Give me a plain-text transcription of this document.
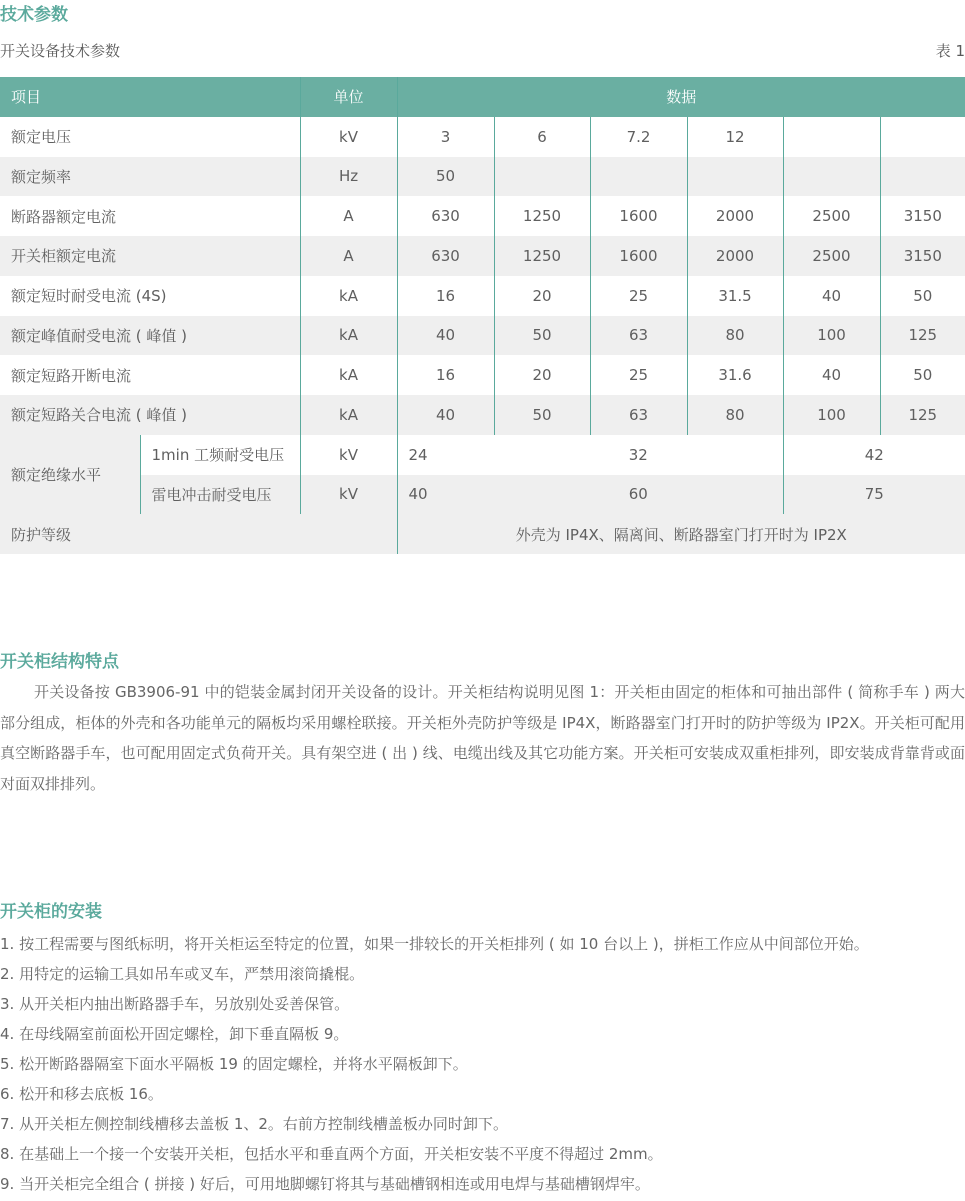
技术参数
开关设备技术参数	表 1
项目		单位	数据					
额定电压		kV	3	6	7.2	12		
额定频率		Hz	50					
断路器额定电流		A	630	1250	1600	2000	2500	3150
开关柜额定电流		A	630	1250	1600	2000	2500	3150
额定短时耐受电流 (4S)		kA	16	20	25	31.5	40	50
额定峰值耐受电流 ( 峰值 )		kA	40	50	63	80	100	125
额定短路开断电流		kA	16	20	25	31.6	40	50
额定短路关合电流 ( 峰值 )		kA	40	50	63	80	100	125
额定绝缘水平	1min 工频耐受电压	kV	24	32			42	
	雷电冲击耐受电压	kV	40	60			75	
防护等级			外壳为 IP4X、隔离间、断路器室门打开时为 IP2X					
开关柜结构特点

开关设备按 GB3906-91 中的铠装金属封闭开关设备的设计。开关柜结构说明见图 1：开关柜由固定的柜体和可抽出部件 ( 简称手车 ) 两大部分组成，柜体的外壳和各功能单元的隔板均采用螺栓联接。开关柜外壳防护等级是 IP4X，断路器室门打开时的防护等级为 IP2X。开关柜可配用真空断路器手车，也可配用固定式负荷开关。具有架空进 ( 出 ) 线、电缆出线及其它功能方案。开关柜可安装成双重柜排列，即安装成背靠背或面对面双排排列。

开关柜的安装
1. 按工程需要与图纸标明，将开关柜运至特定的位置，如果一排较长的开关柜排列 ( 如 10 台以上 )，拼柜工作应从中间部位开始。
2. 用特定的运输工具如吊车或叉车，严禁用滚筒撬棍。
3. 从开关柜内抽出断路器手车，另放别处妥善保管。
4. 在母线隔室前面松开固定螺栓，卸下垂直隔板 9。
5. 松开断路器隔室下面水平隔板 19 的固定螺栓，并将水平隔板卸下。
6. 松开和移去底板 16。
7. 从开关柜左侧控制线槽移去盖板 1、2。右前方控制线槽盖板办同时卸下。
8. 在基础上一个接一个安装开关柜，包括水平和垂直两个方面，开关柜安装不平度不得超过 2mm。
9. 当开关柜完全组合 ( 拼接 ) 好后，可用地脚螺钉将其与基础槽钢相连或用电焊与基础槽钢焊牢。
